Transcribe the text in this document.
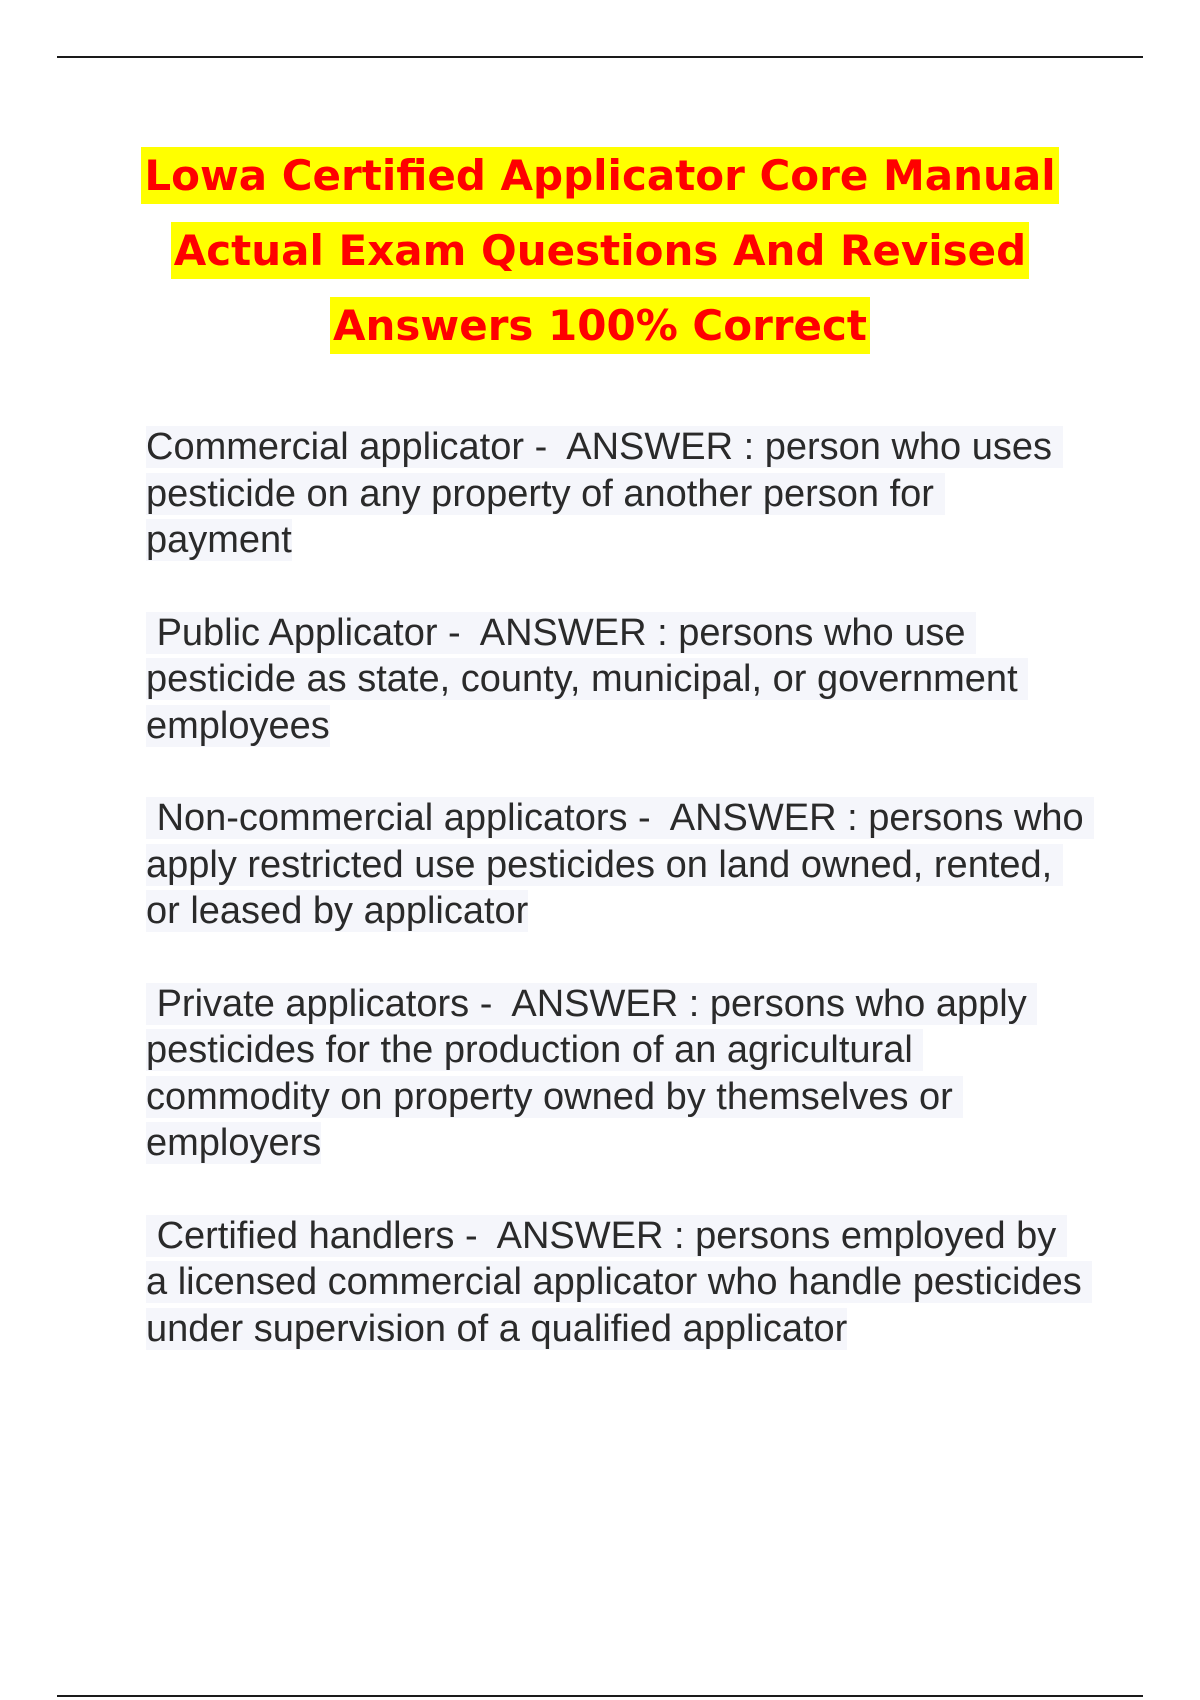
Lowa Certified Applicator Core Manual
Actual Exam Questions And Revised
Answers 100% Correct
Commercial applicator -  ANSWER : person who uses pesticide on any property of another person for payment
Public Applicator -  ANSWER : persons who use pesticide as state, county, municipal, or government employees
Non-commercial applicators -  ANSWER : persons who apply restricted use pesticides on land owned, rented, or leased by applicator
Private applicators -  ANSWER : persons who apply pesticides for the production of an agricultural commodity on property owned by themselves or employers
Certified handlers -  ANSWER : persons employed by a licensed commercial applicator who handle pesticides under supervision of a qualified applicator
